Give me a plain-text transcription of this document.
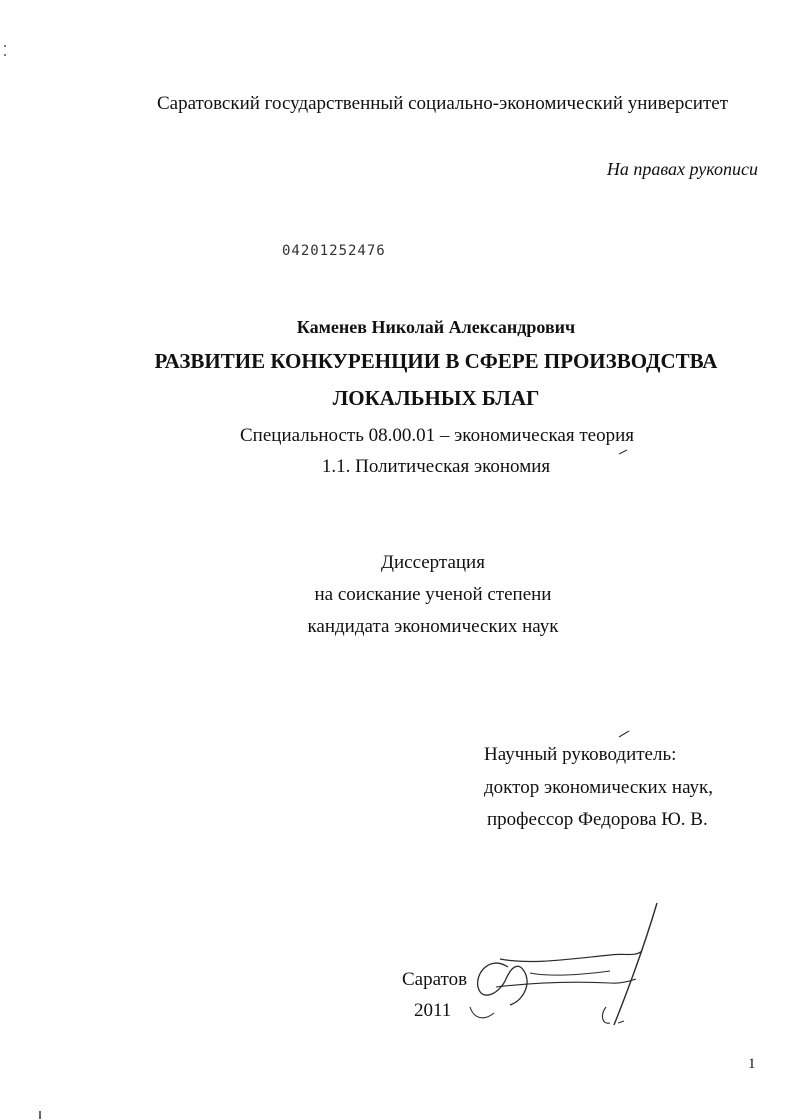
Саратовский государственный социально-экономический университет
На правах рукописи
04201252476
Каменев Николай Александрович
РАЗВИТИЕ КОНКУРЕНЦИИ В СФЕРЕ ПРОИЗВОДСТВА
ЛОКАЛЬНЫХ БЛАГ
Специальность 08.00.01 – экономическая теория
1.1. Политическая экономия
Диссертация
на соискание ученой степени
кандидата экономических наук
Научный руководитель:
доктор экономических наук,
профессор Федорова Ю. В.
Саратов
2011
1
